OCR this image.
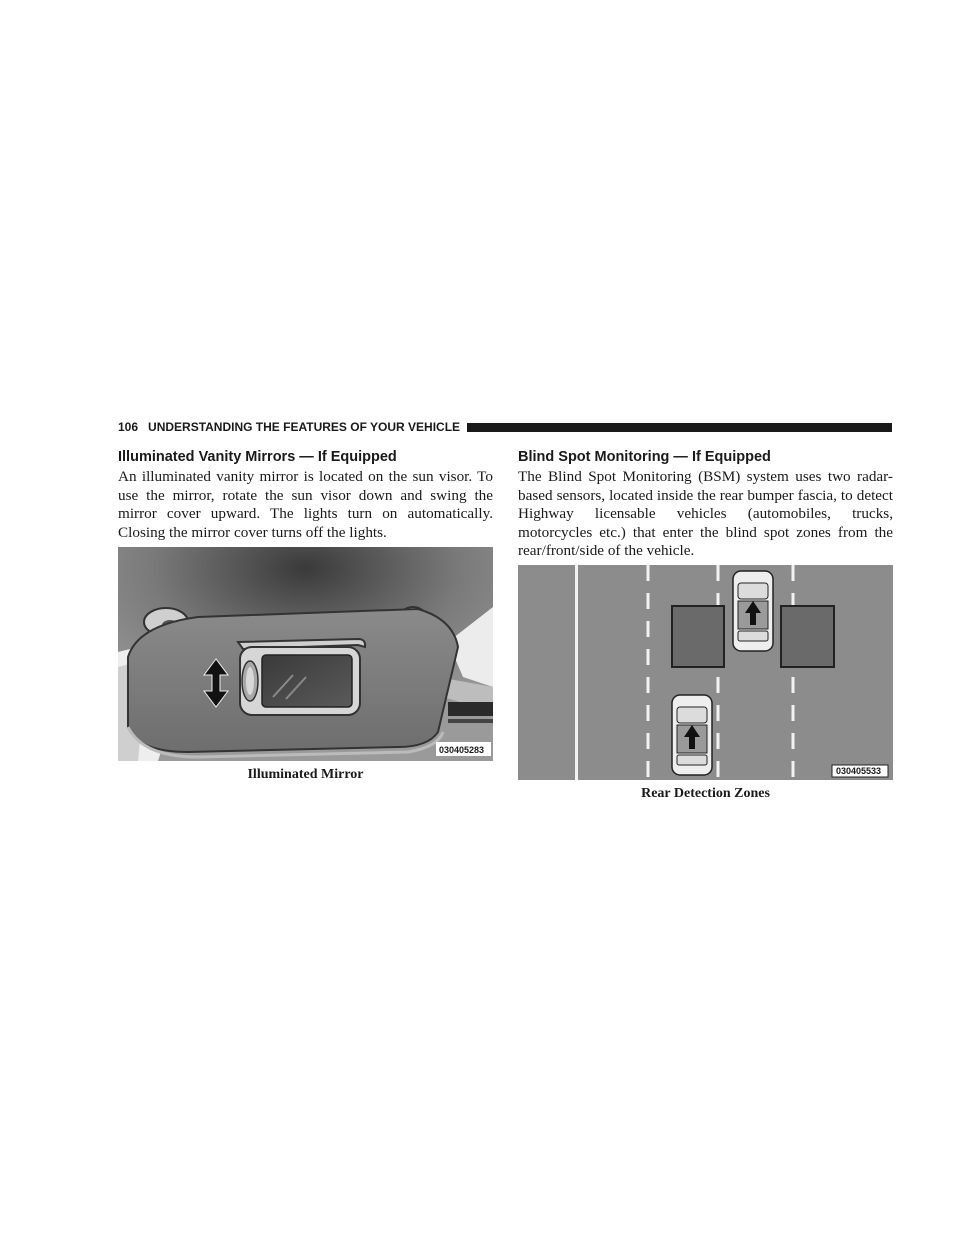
106 UNDERSTANDING THE FEATURES OF YOUR VEHICLE
Illuminated Vanity Mirrors — If Equipped

An illuminated vanity mirror is located on the sun visor. To use the mirror, rotate the sun visor down and swing the mirror cover upward. The lights turn on automatically. Closing the mirror cover turns off the lights.

Blind Spot Monitoring — If Equipped

The Blind Spot Monitoring (BSM) system uses two radar-based sensors, located inside the rear bumper fascia, to detect Highway licensable vehicles (automobiles, trucks, motorcycles etc.) that enter the blind spot zones from the rear/front/side of the vehicle.

030405283
Illuminated Mirror	030405533
Rear Detection Zones
